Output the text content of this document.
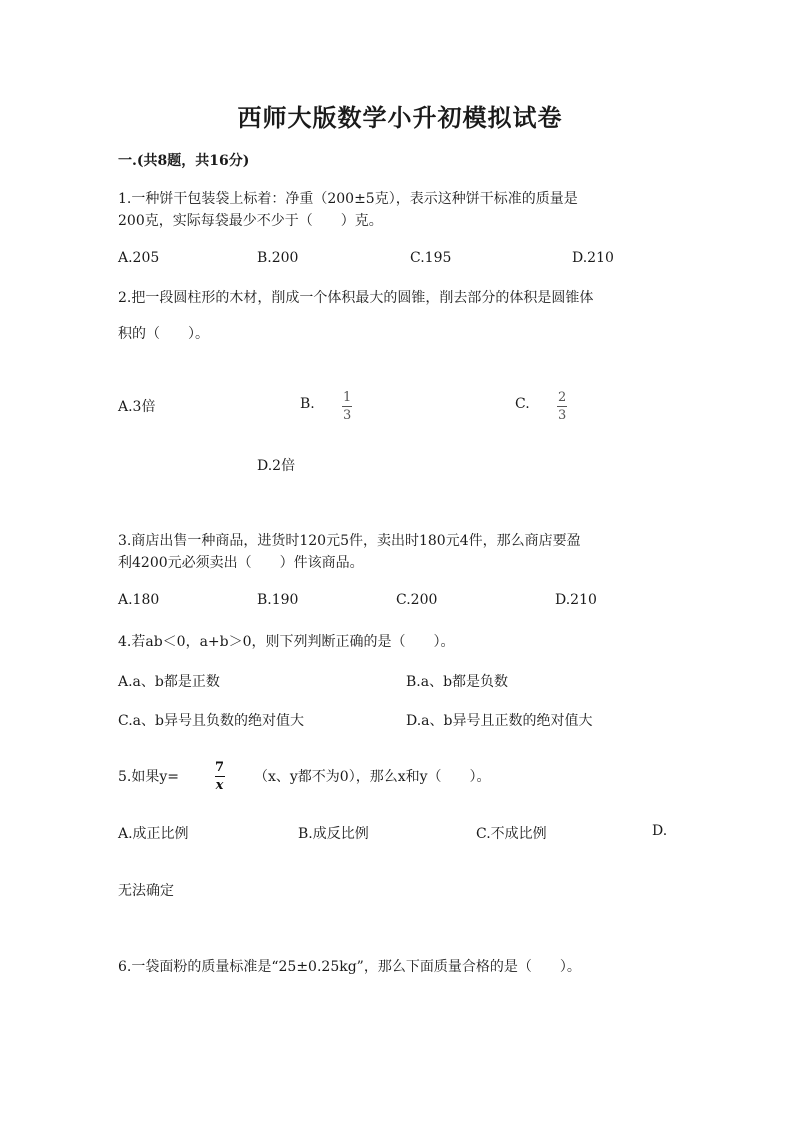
西师大版数学小升初模拟试卷
一.(共8题，共16分)
1.一种饼干包装袋上标着：净重（200±5克），表示这种饼干标准的质量是
200克，实际每袋最少不少于（　　）克。
A.205	B.200	C.195	D.210
2.把一段圆柱形的木材，削成一个体积最大的圆锥，削去部分的体积是圆锥体
积的（　　）。
A.3倍	B. $\frac{1}{3}$	C. $\frac{2}{3}$
D.2倍
3.商店出售一种商品，进货时120元5件，卖出时180元4件，那么商店要盈
利4200元必须卖出（　　）件该商品。
A.180	B.190	C.200	D.210
4.若ab＜0，a+b＞0，则下列判断正确的是（　　）。
A.a、b都是正数	B.a、b都是负数
C.a、b异号且负数的绝对值大	D.a、b异号且正数的绝对值大
5.如果y=	$\frac{7}{x} (x$、y都不为0），那么x和y（　　）。
A.成正比例	B.成反比例	C.不成比例	D.
无法确定
6.一袋面粉的质量标准是“25±0.25kg”，那么下面质量合格的是（　　）。
